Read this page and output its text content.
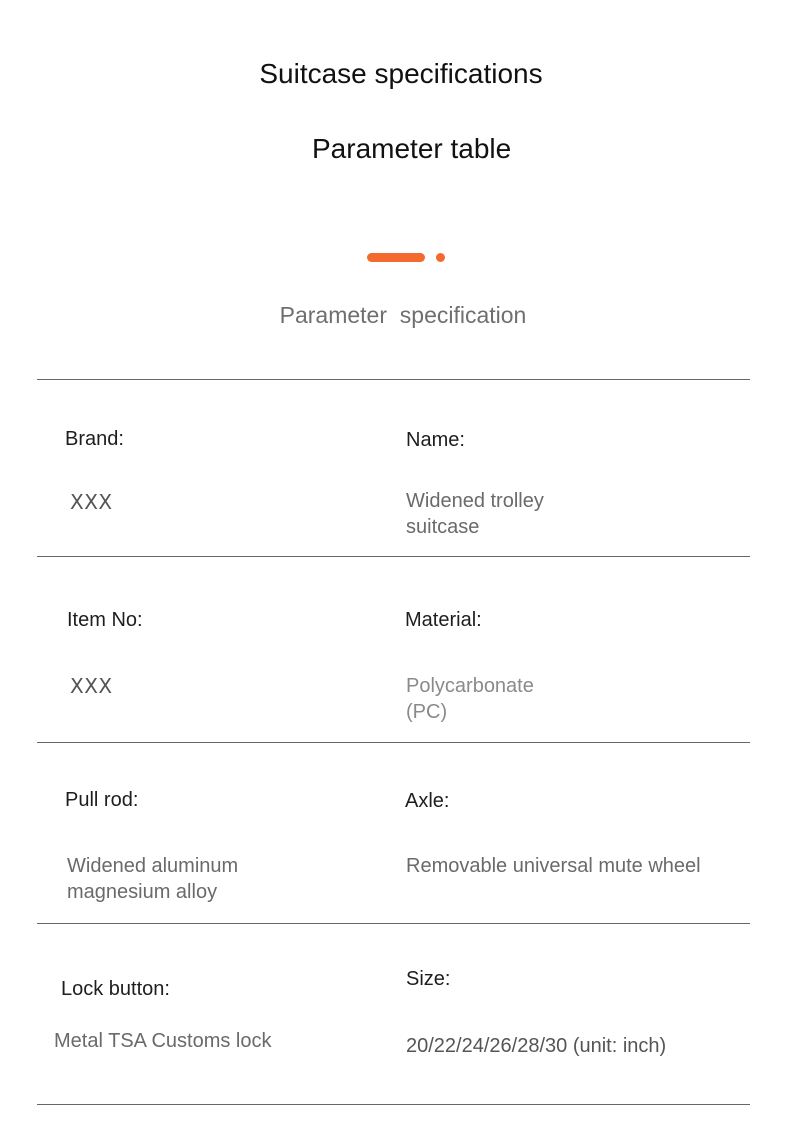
Suitcase specifications
Parameter table
Parameter  specification
Brand:
XXX
Name:
Widened trolley suitcase
Item No:
XXX
Material:
Polycarbonate (PC)
Pull rod:
Widened aluminum magnesium alloy
Axle:
Removable universal mute wheel
Lock button:
Metal TSA Customs lock
Size:
20/22/24/26/28/30 (unit: inch)
